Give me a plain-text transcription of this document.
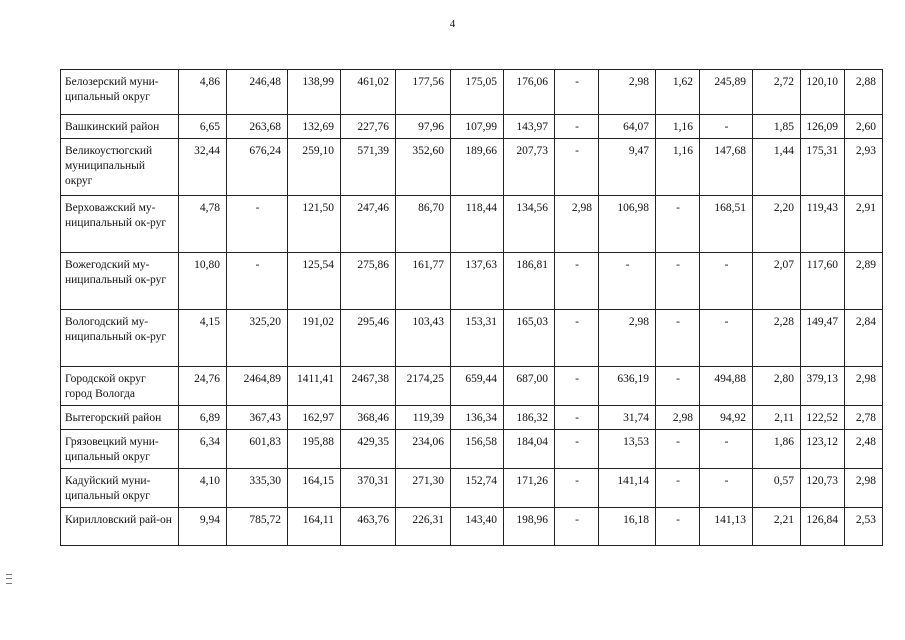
4
Белозерский муни-ципальный округ	4,86	246,48	138,99	461,02	177,56	175,05	176,06	-	2,98	1,62	245,89	2,72	120,10	2,88
Вашкинский район	6,65	263,68	132,69	227,76	97,96	107,99	143,97	-	64,07	1,16	-	1,85	126,09	2,60
Великоустюгский муниципальный округ	32,44	676,24	259,10	571,39	352,60	189,66	207,73	-	9,47	1,16	147,68	1,44	175,31	2,93
Верховажский му-ниципальный ок-руг	4,78	-	121,50	247,46	86,70	118,44	134,56	2,98	106,98	-	168,51	2,20	119,43	2,91
Вожегодский му-ниципальный ок-руг	10,80	-	125,54	275,86	161,77	137,63	186,81	-	-	-	-	2,07	117,60	2,89
Вологодский му-ниципальный ок-руг	4,15	325,20	191,02	295,46	103,43	153,31	165,03	-	2,98	-	-	2,28	149,47	2,84
Городской округ город Вологда	24,76	2464,89	1411,41	2467,38	2174,25	659,44	687,00	-	636,19	-	494,88	2,80	379,13	2,98
Вытегорский район	6,89	367,43	162,97	368,46	119,39	136,34	186,32	-	31,74	2,98	94,92	2,11	122,52	2,78
Грязовецкий муни-ципальный округ	6,34	601,83	195,88	429,35	234,06	156,58	184,04	-	13,53	-	-	1,86	123,12	2,48
Кадуйский муни-ципальный округ	4,10	335,30	164,15	370,31	271,30	152,74	171,26	-	141,14	-	-	0,57	120,73	2,98
Кирилловский рай-он	9,94	785,72	164,11	463,76	226,31	143,40	198,96	-	16,18	-	141,13	2,21	126,84	2,53
